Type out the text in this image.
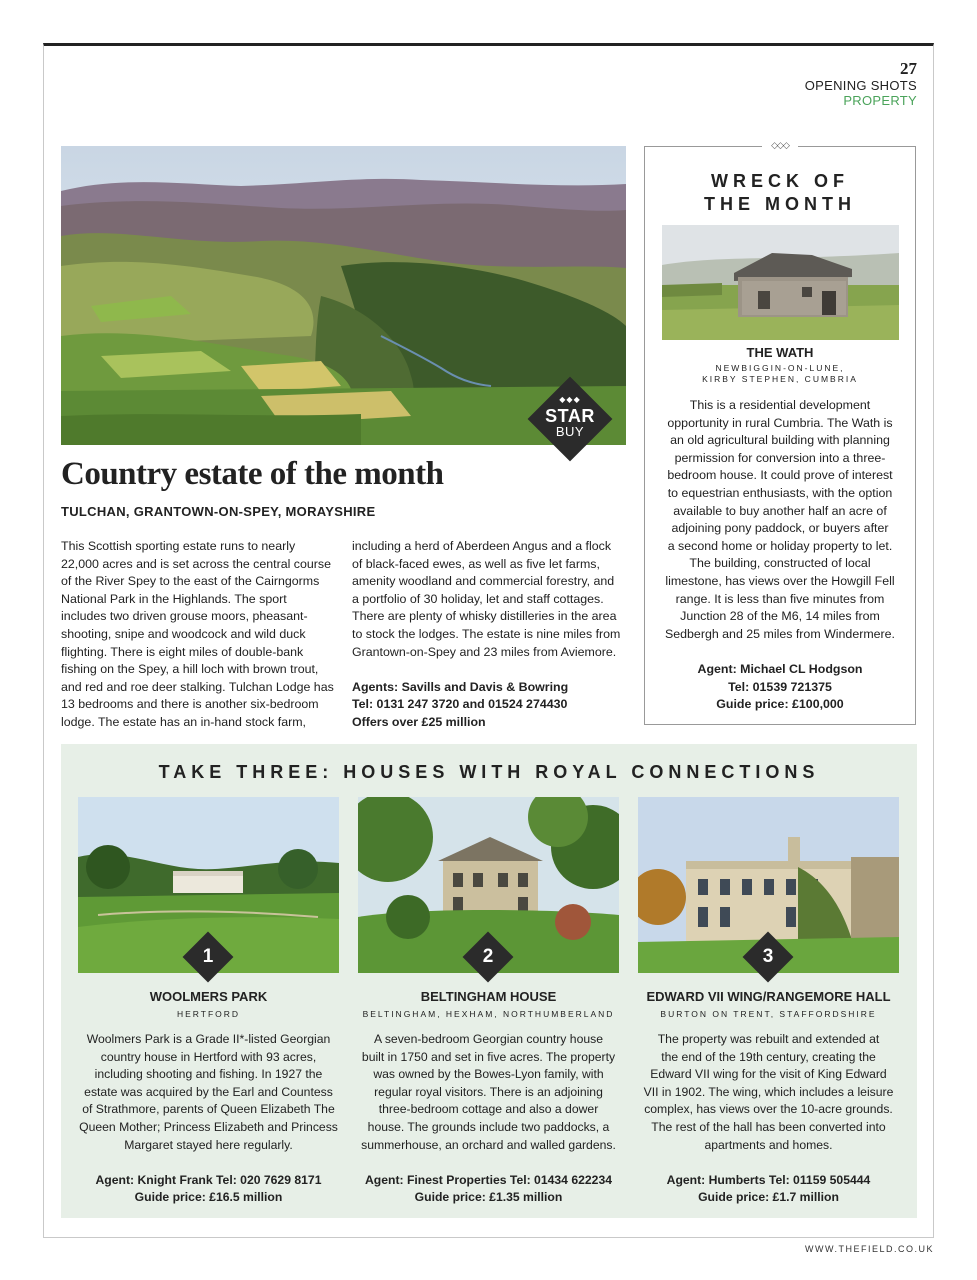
27
OPENING SHOTS
PROPERTY
◆◆◆
STAR
BUY
Country estate of the month
TULCHAN, GRANTOWN-ON-SPEY, MORAYSHIRE
This Scottish sporting estate runs to nearly
22,000 acres and is set across the central course
of the River Spey to the east of the Cairngorms
National Park in the Highlands. The sport
includes two driven grouse moors, pheasant-
shooting, snipe and woodcock and wild duck
flighting. There is eight miles of double-bank
fishing on the Spey, a hill loch with brown trout,
and red and roe deer stalking. Tulchan Lodge has
13 bedrooms and there is another six-bedroom
lodge. The estate has an in-hand stock farm,
including a herd of Aberdeen Angus and a flock
of black-faced ewes, as well as five let farms,
amenity woodland and commercial forestry, and
a portfolio of 30 holiday, let and staff cottages.
There are plenty of whisky distilleries in the area
to stock the lodges. The estate is nine miles from
Grantown-on-Spey and 23 miles from Aviemore.
Agents: Savills and Davis & Bowring
Tel: 0131 247 3720 and 01524 274430
Offers over £25 million
◇◇◇
WRECK OF
THE MONTH
THE WATH
NEWBIGGIN-ON-LUNE,
KIRBY STEPHEN, CUMBRIA
This is a residential development
opportunity in rural Cumbria. The Wath is
an old agricultural building with planning
permission for conversion into a three-
bedroom house. It could prove of interest
to equestrian enthusiasts, with the option
available to buy another half an acre of
adjoining pony paddock, or buyers after
a second home or holiday property to let.
The building, constructed of local
limestone, has views over the Howgill Fell
range. It is less than five minutes from
Junction 28 of the M6, 14 miles from
Sedbergh and 25 miles from Windermere.
Agent: Michael CL Hodgson
Tel: 01539 721375
Guide price: £100,000
TAKE THREE: HOUSES WITH ROYAL CONNECTIONS
1
WOOLMERS PARK
HERTFORD
Woolmers Park is a Grade II*-listed Georgian
country house in Hertford with 93 acres,
including shooting and fishing. In 1927 the
estate was acquired by the Earl and Countess
of Strathmore, parents of Queen Elizabeth The
Queen Mother; Princess Elizabeth and Princess
Margaret stayed here regularly.
Agent: Knight Frank Tel: 020 7629 8171
Guide price: £16.5 million
2
BELTINGHAM HOUSE
BELTINGHAM, HEXHAM, NORTHUMBERLAND
A seven-bedroom Georgian country house
built in 1750 and set in five acres. The property
was owned by the Bowes-Lyon family, with
regular royal visitors. There is an adjoining
three-bedroom cottage and also a dower
house. The grounds include two paddocks, a
summerhouse, an orchard and walled gardens.
Agent: Finest Properties Tel: 01434 622234
Guide price: £1.35 million
3
EDWARD VII WING/RANGEMORE HALL
BURTON ON TRENT, STAFFORDSHIRE
The property was rebuilt and extended at
the end of the 19th century, creating the
Edward VII wing for the visit of King Edward
VII in 1902. The wing, which includes a leisure
complex, has views over the 10-acre grounds.
The rest of the hall has been converted into
apartments and homes.
Agent: Humberts Tel: 01159 505444
Guide price: £1.7 million
WWW.THEFIELD.CO.UK
